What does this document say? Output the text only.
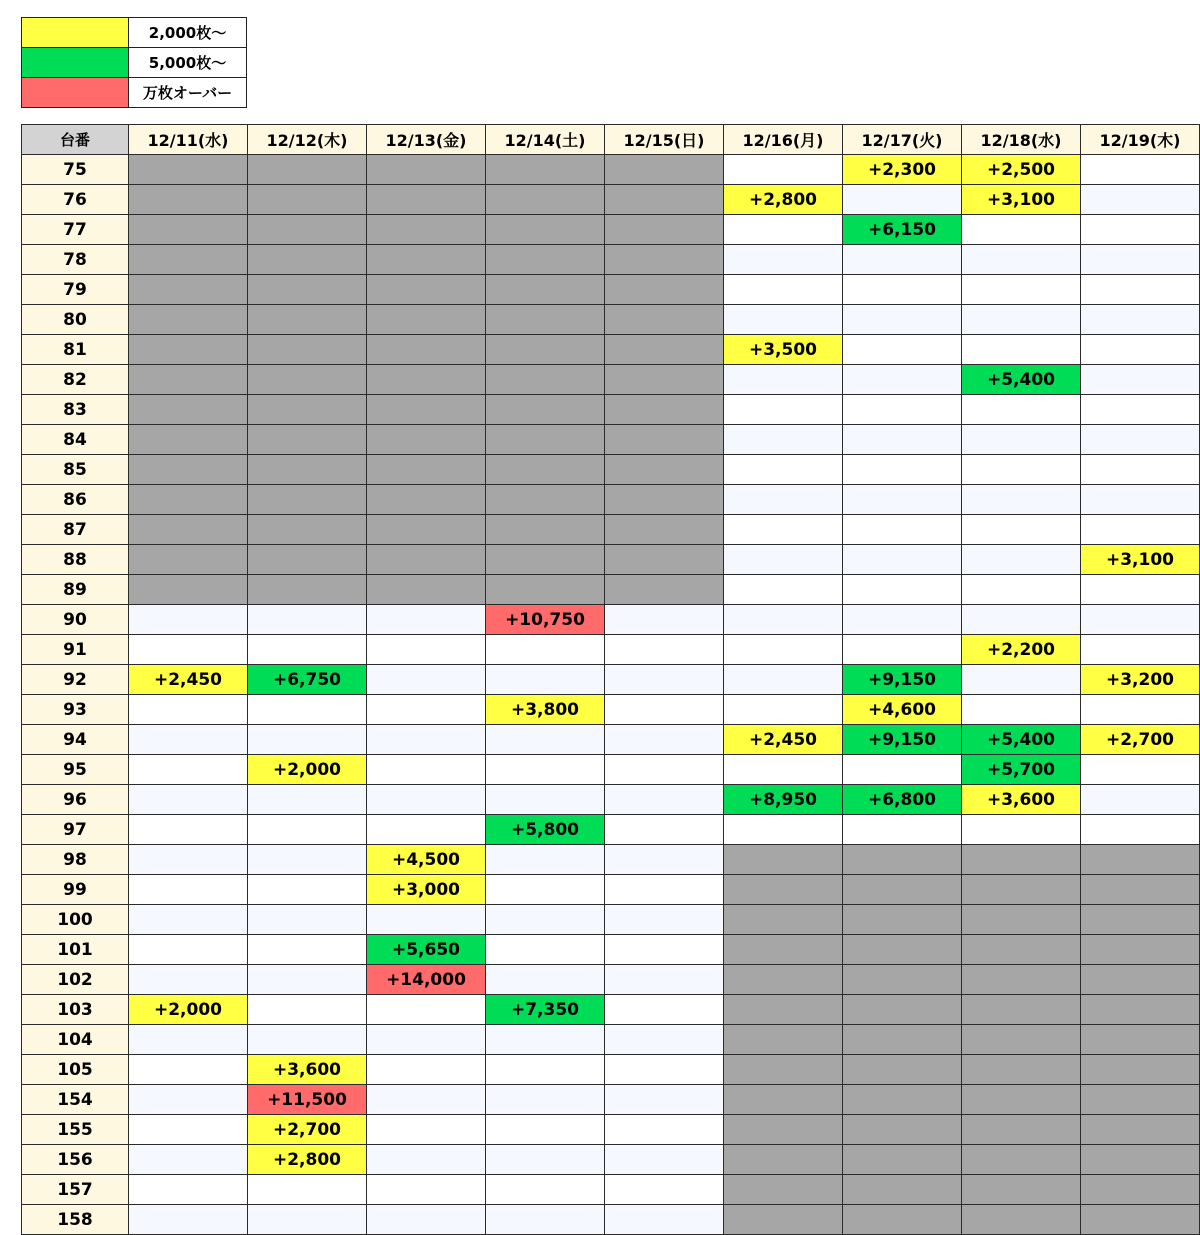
	2,000枚～
	5,000枚～
	万枚オーバー
台番	12/11(水)	12/12(木)	12/13(金)	12/14(土)	12/15(日)	12/16(月)	12/17(火)	12/18(水)	12/19(木)
75							+2,300	+2,500	
76						+2,800		+3,100	
77							+6,150		
78									
79									
80									
81						+3,500			
82								+5,400	
83									
84									
85									
86									
87									
88									+3,100
89									
90				+10,750					
91								+2,200	
92	+2,450	+6,750					+9,150		+3,200
93				+3,800			+4,600		
94						+2,450	+9,150	+5,400	+2,700
95		+2,000						+5,700	
96						+8,950	+6,800	+3,600	
97				+5,800					
98			+4,500						
99			+3,000						
100									
101			+5,650						
102			+14,000						
103	+2,000			+7,350					
104									
105		+3,600							
154		+11,500							
155		+2,700							
156		+2,800							
157									
158									
